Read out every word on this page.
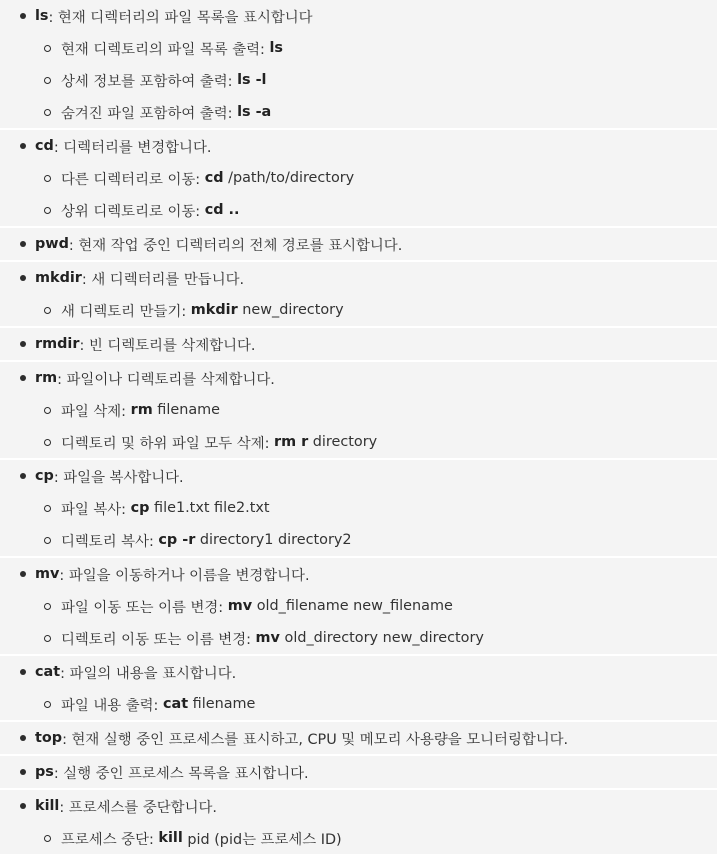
ls : 현재 디렉터리의 파일 목록을 표시합니다
현재 디렉토리의 파일 목록 출력: ls
상세 정보를 포함하여 출력: ls -l
숨겨진 파일 포함하여 출력: ls -a
cd : 디렉터리를 변경합니다.
다른 디렉터리로 이동: cd /path/to/directory
상위 디렉토리로 이동: cd ..
pwd : 현재 작업 중인 디렉터리의 전체 경로를 표시합니다.
mkdir : 새 디렉터리를 만듭니다.
새 디렉토리 만들기: mkdir new_directory
rmdir : 빈 디렉토리를 삭제합니다.
rm : 파일이나 디렉토리를 삭제합니다.
파일 삭제: rm filename
디렉토리 및 하위 파일 모두 삭제: rm r directory
cp : 파일을 복사합니다.
파일 복사: cp file1.txt file2.txt
디렉토리 복사: cp -r directory1 directory2
mv : 파일을 이동하거나 이름을 변경합니다.
파일 이동 또는 이름 변경: mv old_filename new_filename
디렉토리 이동 또는 이름 변경: mv old_directory new_directory
cat : 파일의 내용을 표시합니다.
파일 내용 출력: cat filename
top : 현재 실행 중인 프로세스를 표시하고, CPU 및 메모리 사용량을 모니터링합니다.
ps : 실행 중인 프로세스 목록을 표시합니다.
kill : 프로세스를 중단합니다.
프로세스 중단: kill pid (pid는 프로세스 ID)
